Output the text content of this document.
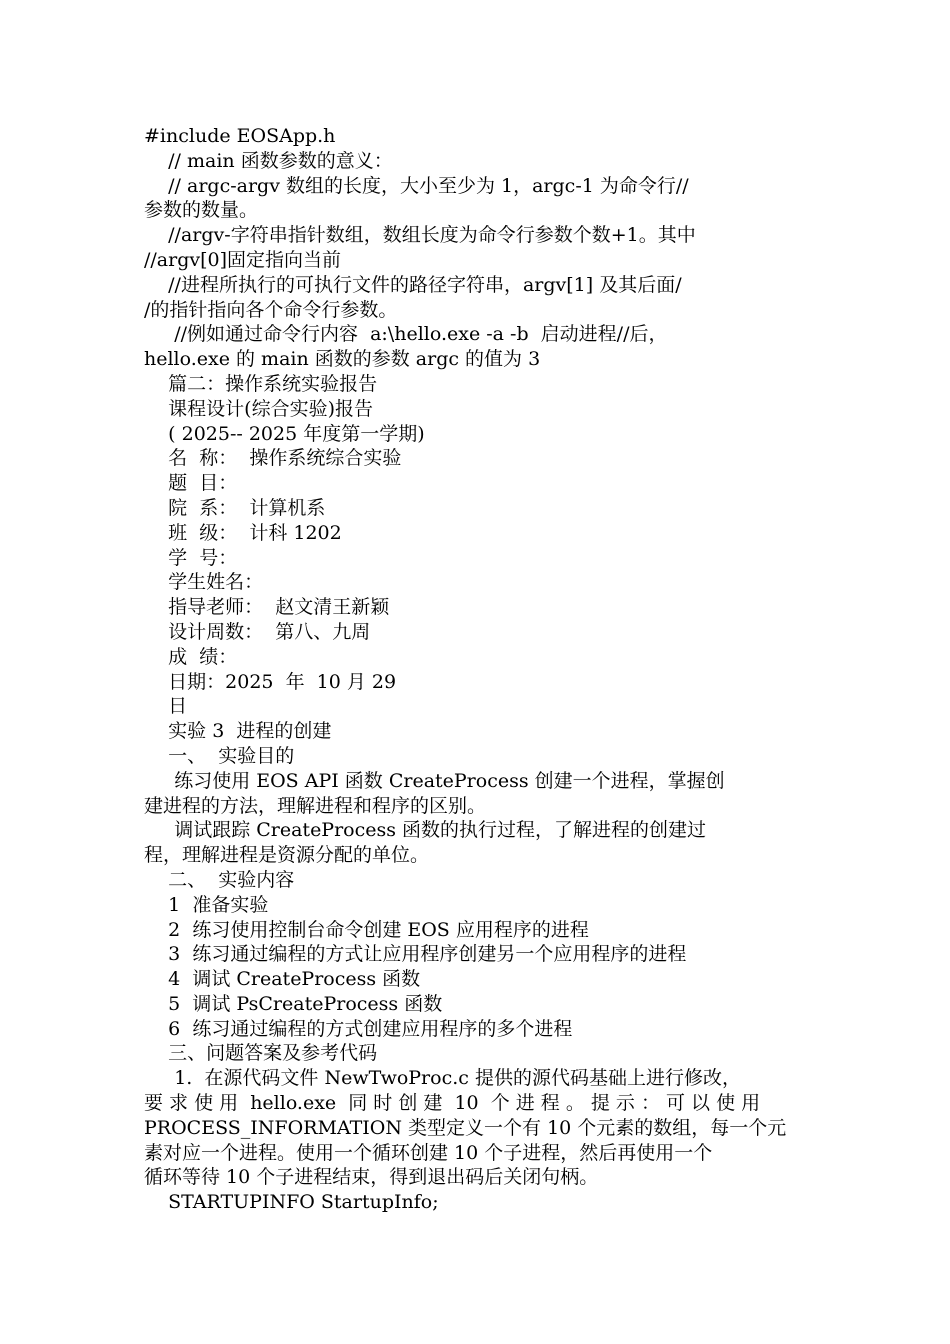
#include EOSApp.h
// main 函数参数的意义：
// argc-argv 数组的长度，大小至少为 1，argc-1 为命令行//
参数的数量。
//argv-字符串指针数组，数组长度为命令行参数个数+1。其中
//argv[0]固定指向当前
//进程所执行的可执行文件的路径字符串，argv[1] 及其后面/
/的指针指向各个命令行参数。
//例如通过命令行内容  a:\hello.exe -a -b  启动进程//后，
hello.exe 的 main 函数的参数 argc 的值为 3
篇二：操作系统实验报告
课程设计(综合实验)报告
( 2025-- 2025 年度第一学期)
名  称：  操作系统综合实验
题  目：
院  系：  计算机系
班  级：  计科 1202
学  号：
学生姓名：
指导老师：  赵文清王新颖
设计周数：  第八、九周
成  绩：
日期：2025  年  10 月 29
日
实验 3  进程的创建
一、  实验目的
练习使用 EOS API 函数 CreateProcess 创建一个进程，掌握创
建进程的方法，理解进程和程序的区别。
调试跟踪 CreateProcess 函数的执行过程，了解进程的创建过
程，理解进程是资源分配的单位。
二、  实验内容
1  准备实验
2  练习使用控制台命令创建 EOS 应用程序的进程
3  练习通过编程的方式让应用程序创建另一个应用程序的进程
4  调试 CreateProcess 函数
5  调试 PsCreateProcess 函数
6  练习通过编程的方式创建应用程序的多个进程
三、问题答案及参考代码
1.  在源代码文件 NewTwoProc.c 提供的源代码基础上进行修改，
要 求 使 用  hello.exe  同 时 创 建  10  个 进 程 。 提 示 ： 可 以 使 用
PROCESS_INFORMATION 类型定义一个有 10 个元素的数组，每一个元
素对应一个进程。使用一个循环创建 10 个子进程，然后再使用一个
循环等待 10 个子进程结束，得到退出码后关闭句柄。
STARTUPINFO StartupInfo;
